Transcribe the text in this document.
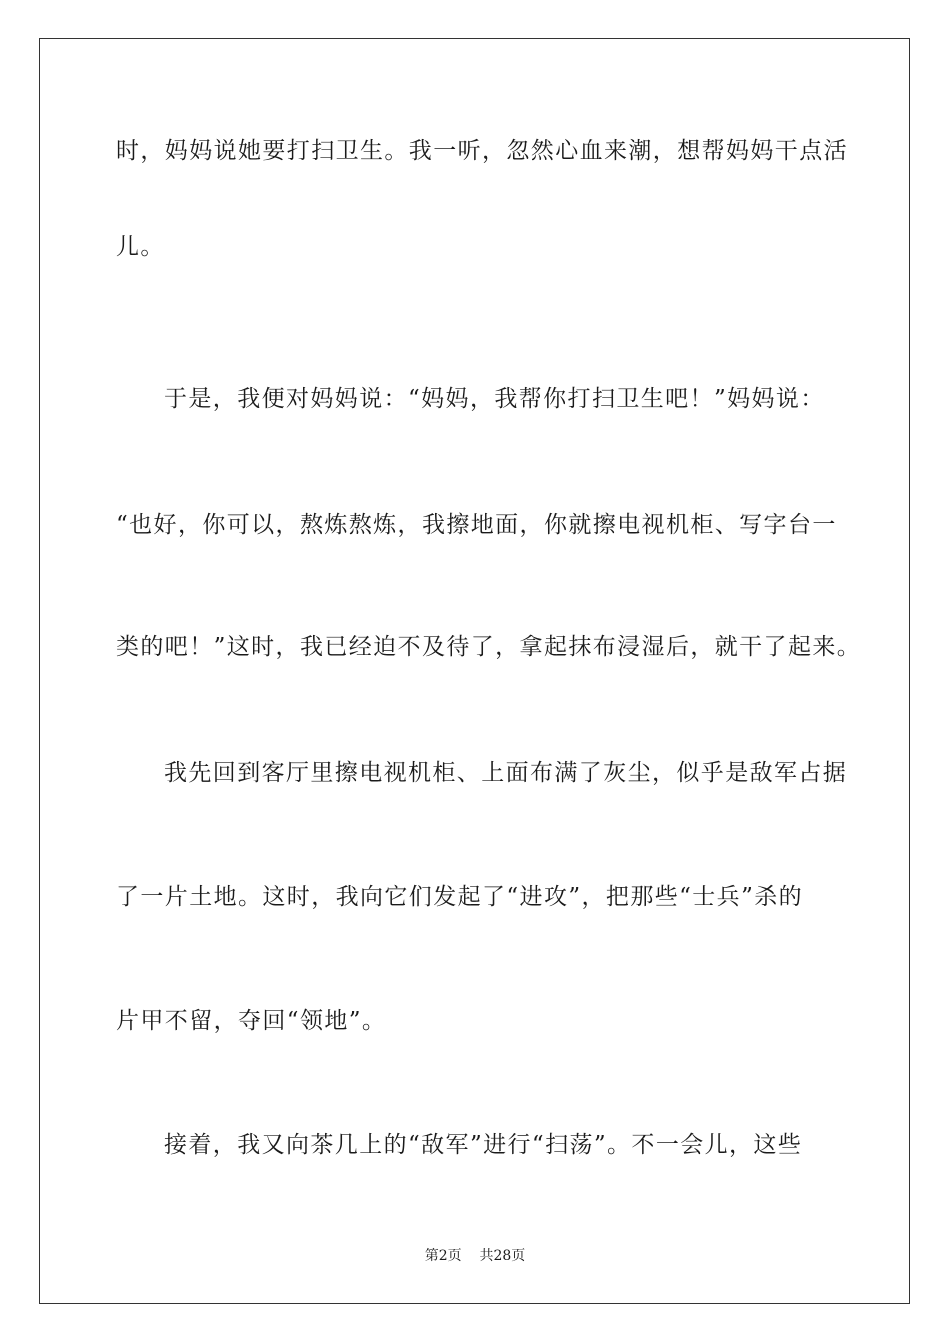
时，妈妈说她要打扫卫生。我一听，忽然心血来潮，想帮妈妈干点活
儿。
于是，我便对妈妈说：“妈妈，我帮你打扫卫生吧！”妈妈说：
“也好，你可以，熬炼熬炼，我擦地面，你就擦电视机柜、写字台一
类的吧！”这时，我已经迫不及待了，拿起抹布浸湿后，就干了起来。
我先回到客厅里擦电视机柜、上面布满了灰尘，似乎是敌军占据
了一片土地。这时，我向它们发起了“进攻”，把那些“士兵”杀的
片甲不留，夺回“领地”。
接着，我又向茶几上的“敌军”进行“扫荡”。不一会儿，这些
第2页 共28页
